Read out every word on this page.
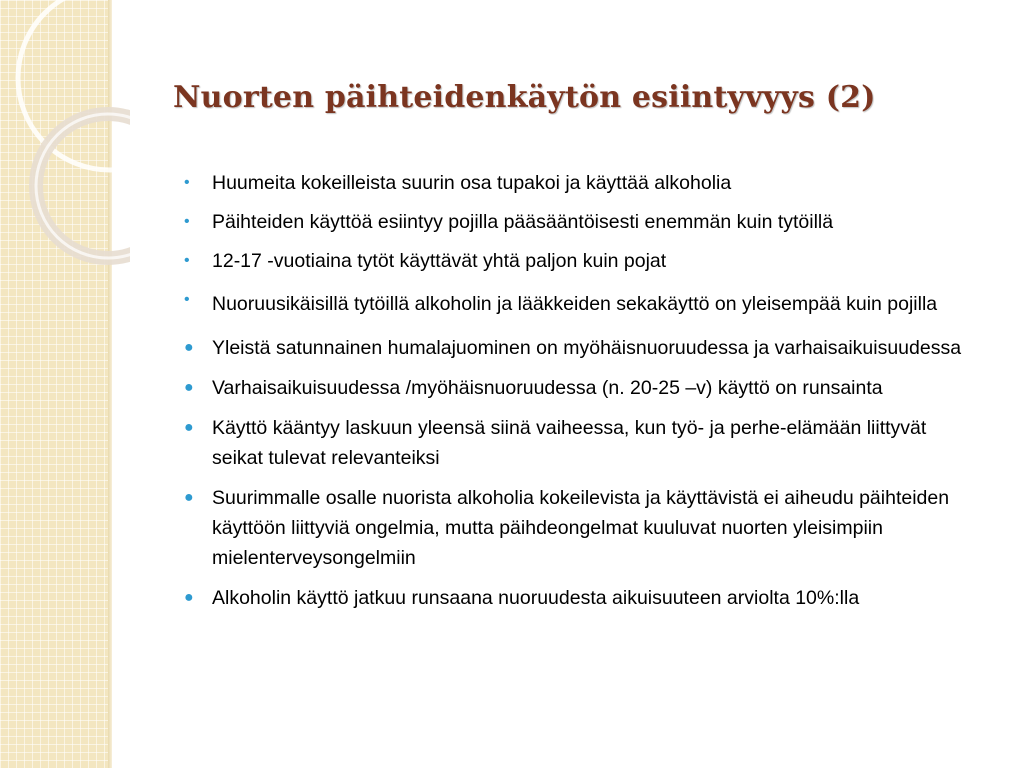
Nuorten päihteidenkäytön esiintyvyys (2)
• Huumeita kokeilleista suurin osa tupakoi ja käyttää alkoholia
• Päihteiden käyttöä esiintyy pojilla pääsääntöisesti enemmän kuin tytöillä
• 12-17 -vuotiaina tytöt käyttävät yhtä paljon kuin pojat
• Nuoruusikäisillä tytöillä alkoholin ja lääkkeiden sekakäyttö on yleisempää kuin pojilla
● Yleistä satunnainen humalajuominen on myöhäisnuoruudessa ja varhaisaikuisuudessa
● Varhaisaikuisuudessa /myöhäisnuoruudessa (n. 20-25 –v) käyttö on runsainta
● Käyttö kääntyy laskuun yleensä siinä vaiheessa, kun työ- ja perhe-elämään liittyvät seikat tulevat relevanteiksi
● Suurimmalle osalle nuorista alkoholia kokeilevista ja käyttävistä ei aiheudu päihteiden käyttöön liittyviä ongelmia, mutta päihdeongelmat kuuluvat nuorten yleisimpiin mielenterveysongelmiin
● Alkoholin käyttö jatkuu runsaana nuoruudesta aikuisuuteen arviolta 10%:lla
